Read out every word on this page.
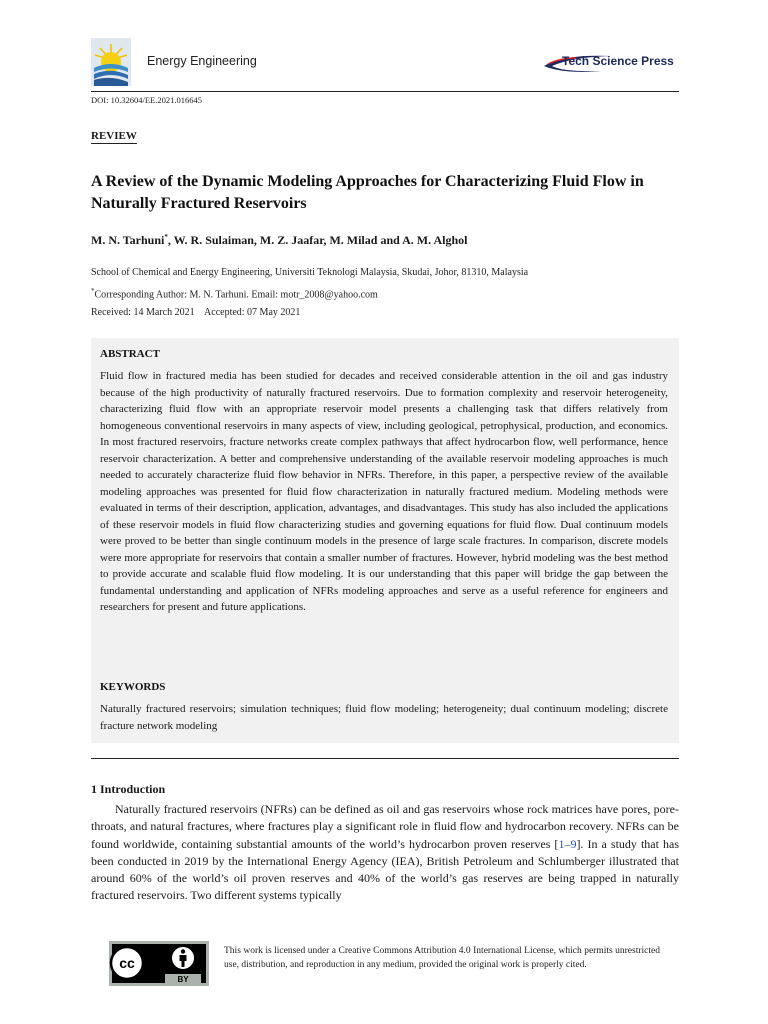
Energy Engineering	Tech Science Press
DOI: 10.32604/EE.2021.016645
REVIEW
A Review of the Dynamic Modeling Approaches for Characterizing Fluid Flow in Naturally Fractured Reservoirs
M. N. Tarhuni*, W. R. Sulaiman, M. Z. Jaafar, M. Milad and A. M. Alghol
School of Chemical and Energy Engineering, Universiti Teknologi Malaysia, Skudai, Johor, 81310, Malaysia
*Corresponding Author: M. N. Tarhuni. Email: motr_2008@yahoo.com
Received: 14 March 2021    Accepted: 07 May 2021
ABSTRACT
Fluid flow in fractured media has been studied for decades and received considerable attention in the oil and gas industry because of the high productivity of naturally fractured reservoirs. Due to formation complexity and reservoir heterogeneity, characterizing fluid flow with an appropriate reservoir model presents a challenging task that differs relatively from homogeneous conventional reservoirs in many aspects of view, including geological, petrophysical, production, and economics. In most fractured reservoirs, fracture networks create complex pathways that affect hydrocarbon flow, well performance, hence reservoir characterization. A better and comprehensive understanding of the available reservoir modeling approaches is much needed to accurately characterize fluid flow behavior in NFRs. Therefore, in this paper, a perspective review of the available modeling approaches was presented for fluid flow characterization in naturally fractured medium. Modeling methods were evaluated in terms of their description, application, advantages, and disadvantages. This study has also included the applications of these reservoir models in fluid flow characterizing studies and governing equations for fluid flow. Dual continuum models were proved to be better than single continuum models in the presence of large scale fractures. In comparison, discrete models were more appropriate for reservoirs that contain a smaller number of fractures. However, hybrid modeling was the best method to provide accurate and scalable fluid flow modeling. It is our understanding that this paper will bridge the gap between the fundamental understanding and application of NFRs modeling approaches and serve as a useful reference for engineers and researchers for present and future applications.
KEYWORDS
Naturally fractured reservoirs; simulation techniques; fluid flow modeling; heterogeneity; dual continuum modeling; discrete fracture network modeling
1 Introduction
Naturally fractured reservoirs (NFRs) can be defined as oil and gas reservoirs whose rock matrices have pores, pore-throats, and natural fractures, where fractures play a significant role in fluid flow and hydrocarbon recovery. NFRs can be found worldwide, containing substantial amounts of the world’s hydrocarbon proven reserves [1–9]. In a study that has been conducted in 2019 by the International Energy Agency (IEA), British Petroleum and Schlumberger illustrated that around 60% of the world’s oil proven reserves and 40% of the world’s gas reserves are being trapped in naturally fractured reservoirs. Two different systems typically
cc
BY
This work is licensed under a Creative Commons Attribution 4.0 International License, which permits unrestricted use, distribution, and reproduction in any medium, provided the original work is properly cited.
